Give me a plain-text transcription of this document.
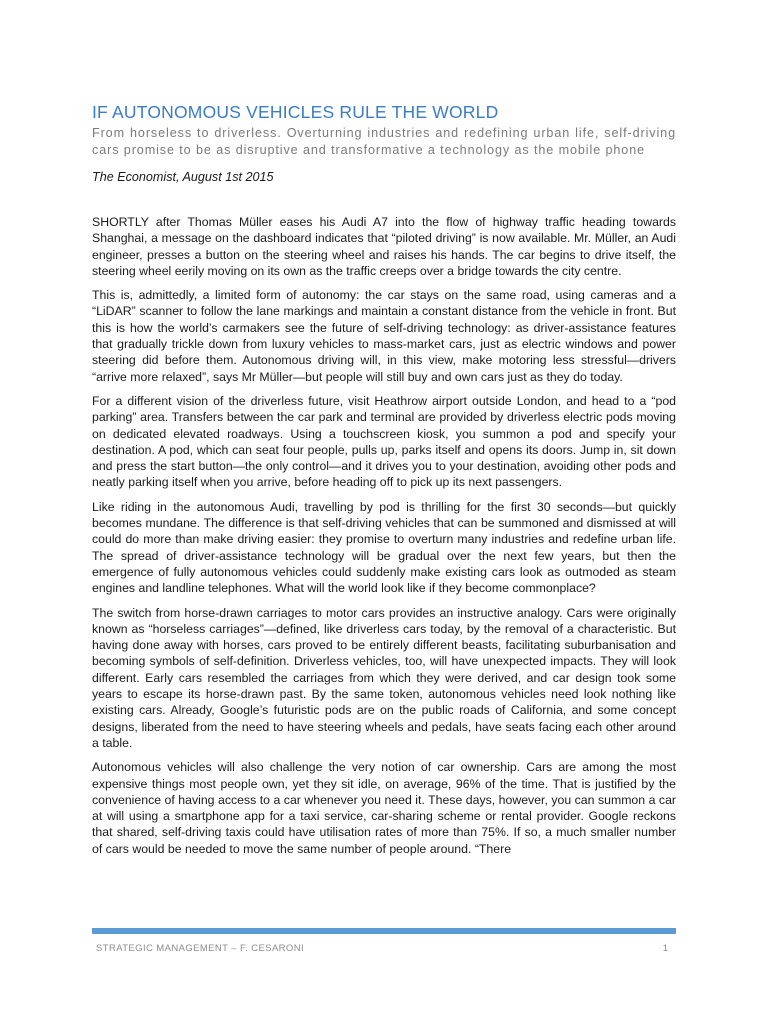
IF AUTONOMOUS VEHICLES RULE THE WORLD

From horseless to driverless. Overturning industries and redefining urban life, self-driving cars promise to be as disruptive and transformative a technology as the mobile phone

The Economist, August 1st 2015

SHORTLY after Thomas Müller eases his Audi A7 into the flow of highway traffic heading towards Shanghai, a message on the dashboard indicates that “piloted driving” is now available. Mr. Müller, an Audi engineer, presses a button on the steering wheel and raises his hands. The car begins to drive itself, the steering wheel eerily moving on its own as the traffic creeps over a bridge towards the city centre.

This is, admittedly, a limited form of autonomy: the car stays on the same road, using cameras and a “LiDAR” scanner to follow the lane markings and maintain a constant distance from the vehicle in front. But this is how the world’s carmakers see the future of self-driving technology: as driver-assistance features that gradually trickle down from luxury vehicles to mass-market cars, just as electric windows and power steering did before them. Autonomous driving will, in this view, make motoring less stressful—drivers “arrive more relaxed”, says Mr Müller—but people will still buy and own cars just as they do today.

For a different vision of the driverless future, visit Heathrow airport outside London, and head to a “pod parking” area. Transfers between the car park and terminal are provided by driverless electric pods moving on dedicated elevated roadways. Using a touchscreen kiosk, you summon a pod and specify your destination. A pod, which can seat four people, pulls up, parks itself and opens its doors. Jump in, sit down and press the start button—the only control—and it drives you to your destination, avoiding other pods and neatly parking itself when you arrive, before heading off to pick up its next passengers.

Like riding in the autonomous Audi, travelling by pod is thrilling for the first 30 seconds—but quickly becomes mundane. The difference is that self-driving vehicles that can be summoned and dismissed at will could do more than make driving easier: they promise to overturn many industries and redefine urban life. The spread of driver-assistance technology will be gradual over the next few years, but then the emergence of fully autonomous vehicles could suddenly make existing cars look as outmoded as steam engines and landline telephones. What will the world look like if they become commonplace?

The switch from horse-drawn carriages to motor cars provides an instructive analogy. Cars were originally known as “horseless carriages”—defined, like driverless cars today, by the removal of a characteristic. But having done away with horses, cars proved to be entirely different beasts, facilitating suburbanisation and becoming symbols of self-definition. Driverless vehicles, too, will have unexpected impacts. They will look different. Early cars resembled the carriages from which they were derived, and car design took some years to escape its horse-drawn past. By the same token, autonomous vehicles need look nothing like existing cars. Already, Google’s futuristic pods are on the public roads of California, and some concept designs, liberated from the need to have steering wheels and pedals, have seats facing each other around a table.

Autonomous vehicles will also challenge the very notion of car ownership. Cars are among the most expensive things most people own, yet they sit idle, on average, 96% of the time. That is justified by the convenience of having access to a car whenever you need it. These days, however, you can summon a car at will using a smartphone app for a taxi service, car-sharing scheme or rental provider. Google reckons that shared, self-driving taxis could have utilisation rates of more than 75%. If so, a much smaller number of cars would be needed to move the same number of people around. “There

STRATEGIC MANAGEMENT – F. CESARONI	1
